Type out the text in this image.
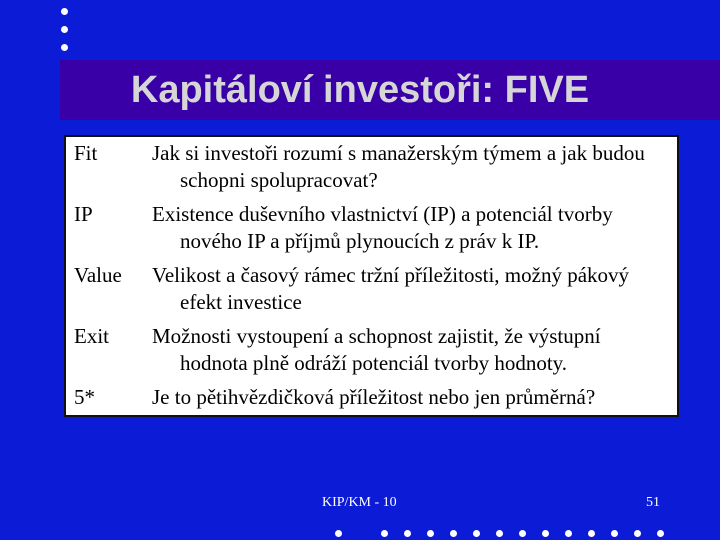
Kapitáloví investoři: FIVE
Fit	Jak si investoři rozumí s manažerským týmem a jak budou schopni spolupracovat?

IP	Existence duševního vlastnictví (IP) a potenciál tvorby nového IP a příjmů plynoucích z práv k IP.

Value	Velikost a časový rámec tržní příležitosti, možný pákový efekt investice

Exit	Možnosti vystoupení a schopnost zajistit, že výstupní hodnota plně odráží potenciál tvorby hodnoty.

5*	Je to pětihvězdičková příležitost nebo jen průměrná?
KIP/KM - 10	51
